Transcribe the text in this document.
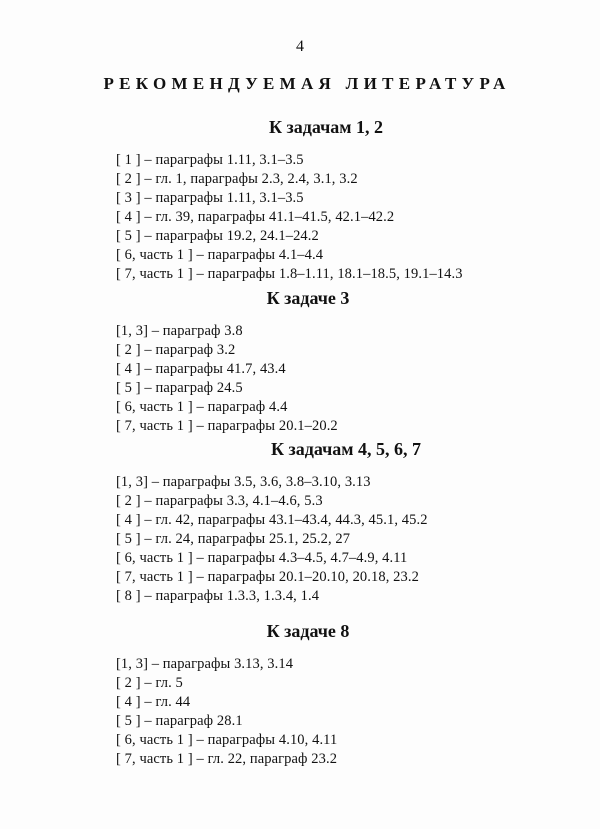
4
РЕКОМЕНДУЕМАЯ ЛИТЕРАТУРА
К задачам 1, 2
[ 1 ] – параграфы 1.11, 3.1–3.5
[ 2 ] – гл. 1, параграфы 2.3, 2.4, 3.1, 3.2
[ 3 ] – параграфы 1.11, 3.1–3.5
[ 4 ] – гл. 39, параграфы 41.1–41.5, 42.1–42.2
[ 5 ] – параграфы 19.2, 24.1–24.2
[ 6, часть 1 ] – параграфы 4.1–4.4
[ 7, часть 1 ] – параграфы 1.8–1.11, 18.1–18.5, 19.1–14.3
К задаче 3
[1, 3] – параграф 3.8
[ 2 ] – параграф 3.2
[ 4 ] – параграфы 41.7, 43.4
[ 5 ] – параграф 24.5
[ 6, часть 1 ] – параграф 4.4
[ 7, часть 1 ] – параграфы 20.1–20.2
К задачам 4, 5, 6, 7
[1, 3] – параграфы 3.5, 3.6, 3.8–3.10, 3.13
[ 2 ] – параграфы 3.3, 4.1–4.6, 5.3
[ 4 ] – гл. 42, параграфы 43.1–43.4, 44.3, 45.1, 45.2
[ 5 ] – гл. 24, параграфы 25.1, 25.2, 27
[ 6, часть 1 ] – параграфы 4.3–4.5, 4.7–4.9, 4.11
[ 7, часть 1 ] – параграфы 20.1–20.10, 20.18, 23.2
[ 8 ] – параграфы 1.3.3, 1.3.4, 1.4
К задаче 8
[1, 3] – параграфы 3.13, 3.14
[ 2 ] – гл. 5
[ 4 ] – гл. 44
[ 5 ] – параграф 28.1
[ 6, часть 1 ] – параграфы 4.10, 4.11
[ 7, часть 1 ] – гл. 22, параграф 23.2
